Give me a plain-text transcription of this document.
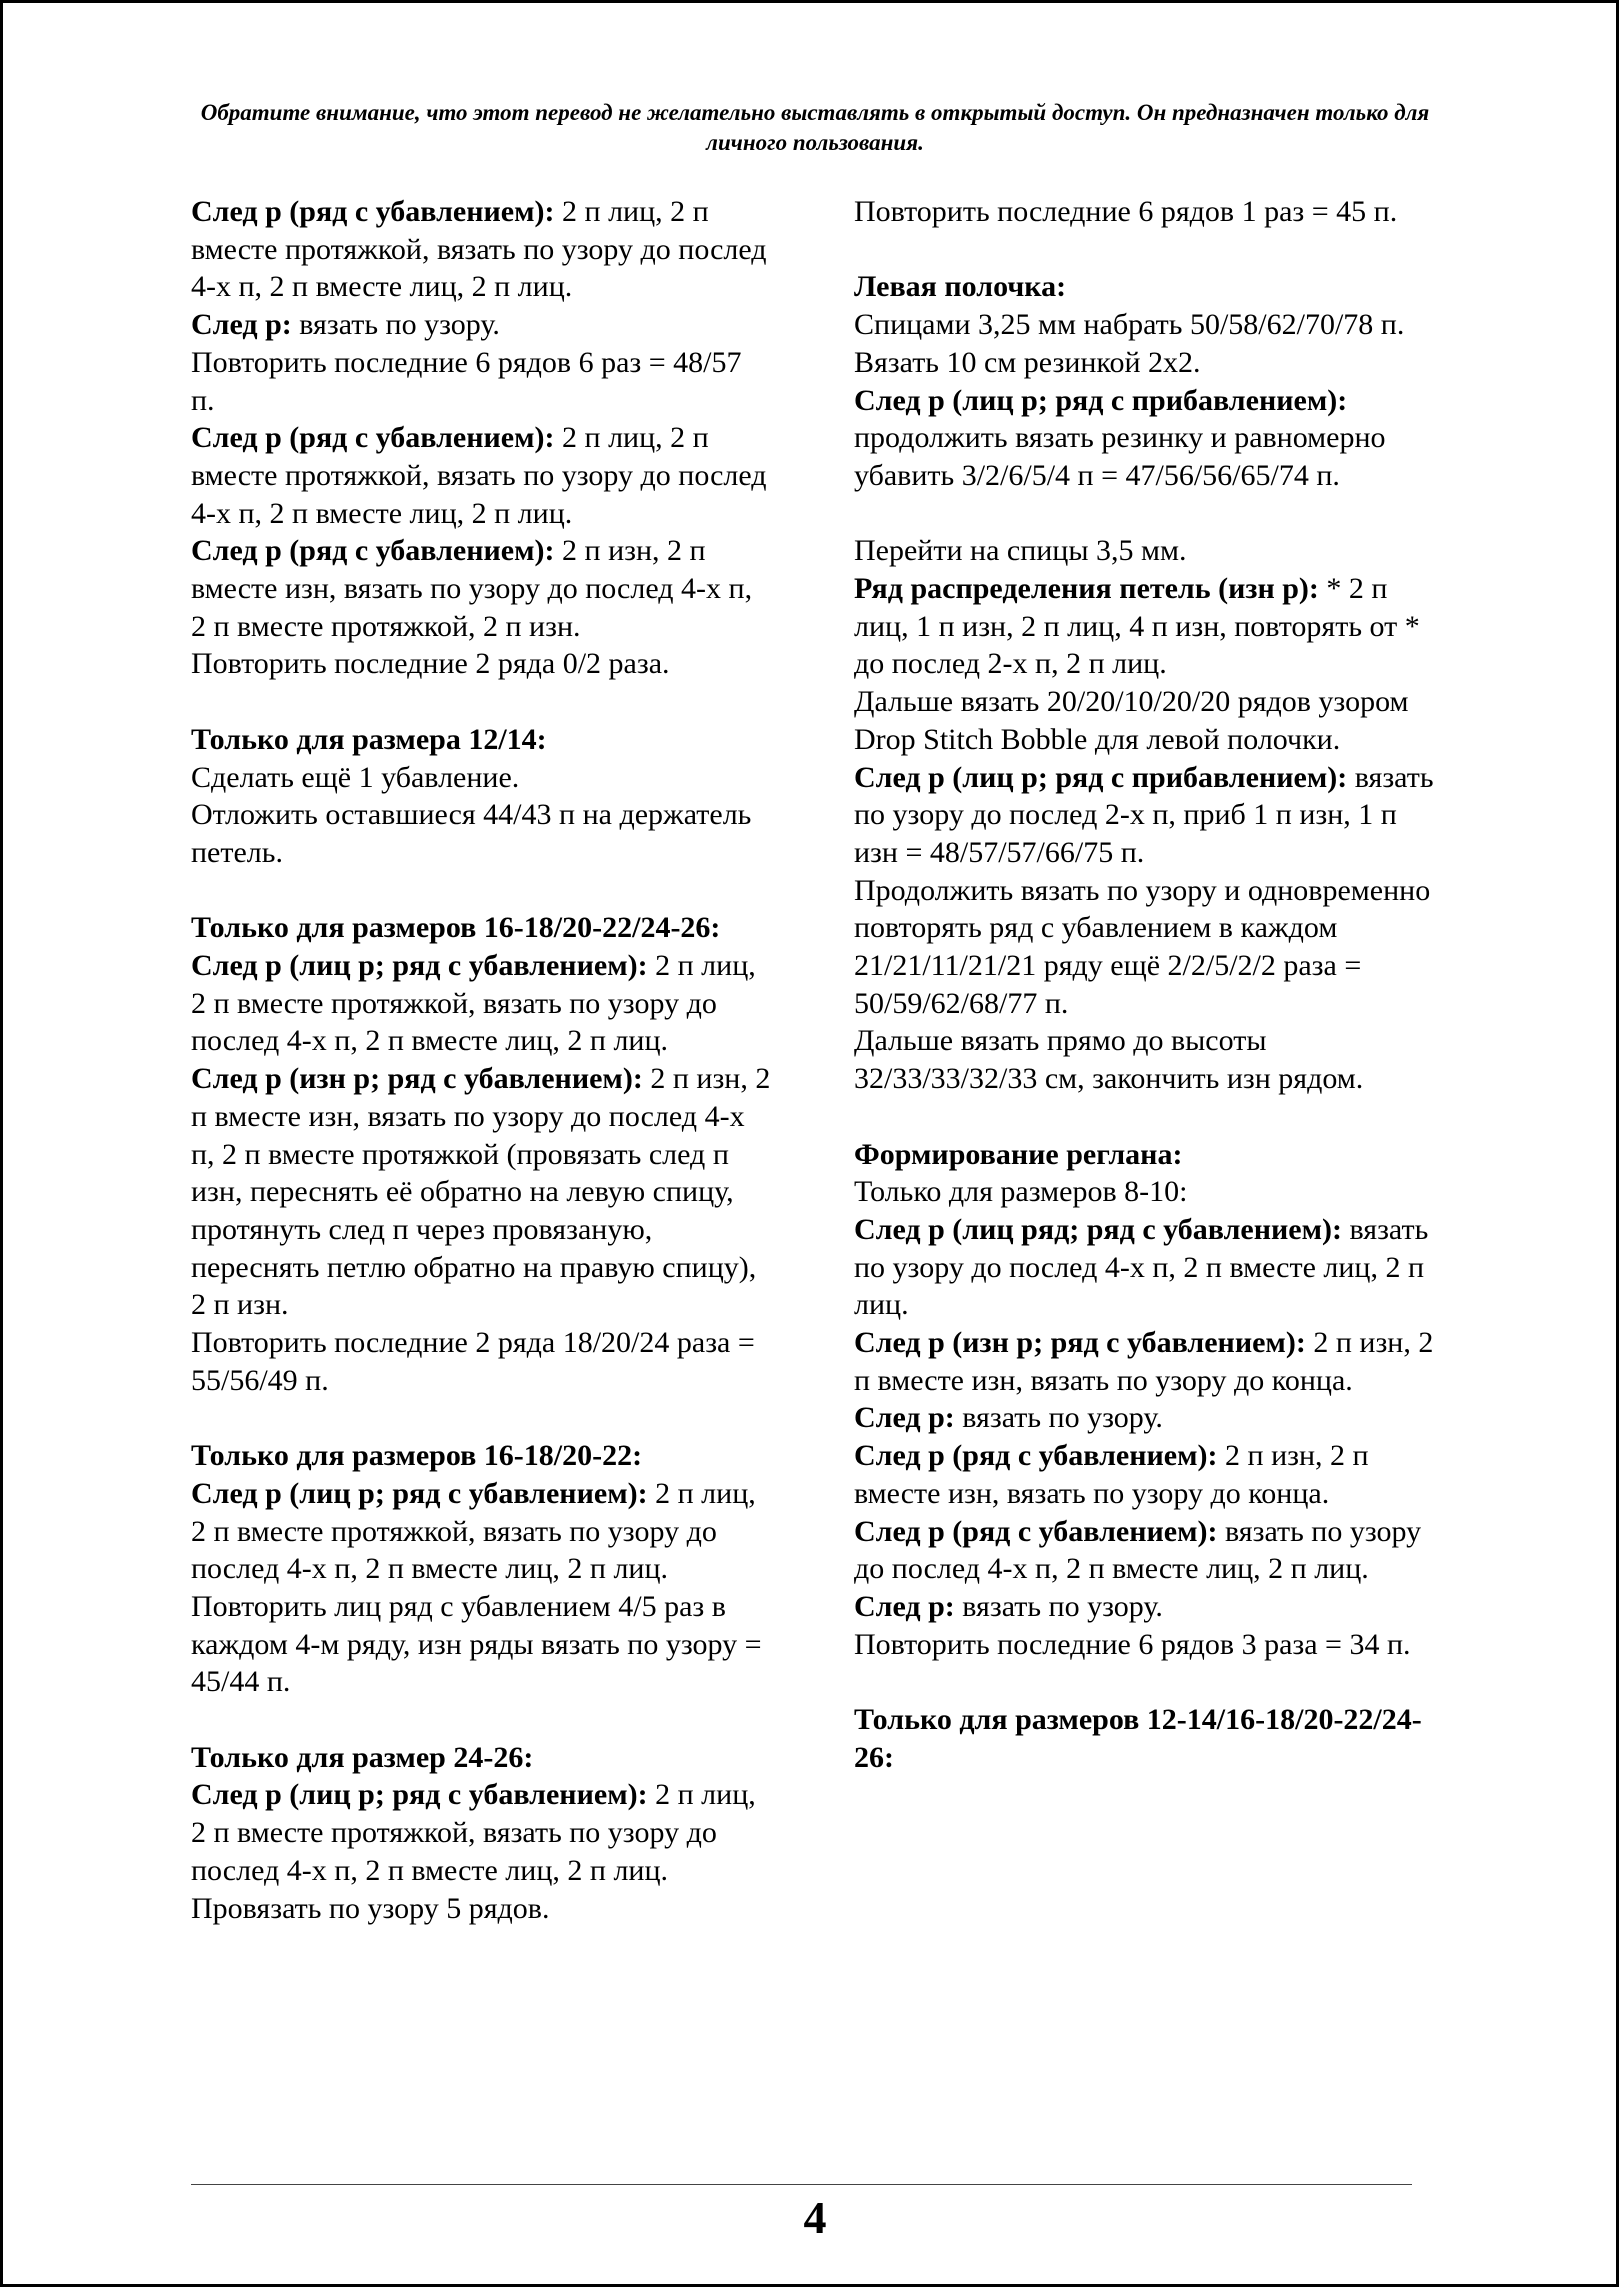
Обратите внимание, что этот перевод не желательно выставлять в открытый доступ. Он предназначен только для личного пользования.
След р (ряд с убавлением): 2 п лиц, 2 п вместе протяжкой, вязать по узору до послед 4-х п, 2 п вместе лиц, 2 п лиц.
След р: вязать по узору.
Повторить последние 6 рядов 6 раз = 48/57 п.
След р (ряд с убавлением): 2 п лиц, 2 п вместе протяжкой, вязать по узору до послед 4-х п, 2 п вместе лиц, 2 п лиц.
След р (ряд с убавлением): 2 п изн, 2 п вместе изн, вязать по узору до послед 4-х п, 2 п вместе протяжкой, 2 п изн.
Повторить последние 2 ряда 0/2 раза.
Только для размера 12/14:
Сделать ещё 1 убавление.
Отложить оставшиеся 44/43 п на держатель петель.
Только для размеров 16-18/20-22/24-26:
След р (лиц р; ряд с убавлением): 2 п лиц, 2 п вместе протяжкой, вязать по узору до послед 4-х п, 2 п вместе лиц, 2 п лиц.
След р (изн р; ряд с убавлением): 2 п изн, 2 п вместе изн, вязать по узору до послед 4-х п, 2 п вместе протяжкой (провязать след п изн, переснять её обратно на левую спицу, протянуть след п через провязаную, переснять петлю обратно на правую спицу), 2 п изн.
Повторить последние 2 ряда 18/20/24 раза = 55/56/49 п.
Только для размеров 16-18/20-22:
След р (лиц р; ряд с убавлением): 2 п лиц, 2 п вместе протяжкой, вязать по узору до послед 4-х п, 2 п вместе лиц, 2 п лиц.
Повторить лиц ряд с убавлением 4/5 раз в каждом 4-м ряду, изн ряды вязать по узору = 45/44 п.
Только для размер 24-26:
След р (лиц р; ряд с убавлением): 2 п лиц, 2 п вместе протяжкой, вязать по узору до послед 4-х п, 2 п вместе лиц, 2 п лиц.
Провязать по узору 5 рядов.
Повторить последние 6 рядов 1 раз = 45 п.
Левая полочка:
Спицами 3,25 мм набрать 50/58/62/70/78 п.
Вязать 10 см резинкой 2х2.
След р (лиц р; ряд с прибавлением): продолжить вязать резинку и равномерно убавить 3/2/6/5/4 п = 47/56/56/65/74 п.
Перейти на спицы 3,5 мм.
Ряд распределения петель (изн р): * 2 п лиц, 1 п изн, 2 п лиц, 4 п изн, повторять от * до послед 2-х п, 2 п лиц.
Дальше вязать 20/20/10/20/20 рядов узором Drop Stitch Bobble для левой полочки.
След р (лиц р; ряд с прибавлением): вязать по узору до послед 2-х п, приб 1 п изн, 1 п изн = 48/57/57/66/75 п.
Продолжить вязать по узору и одновременно повторять ряд с убавлением в каждом 21/21/11/21/21 ряду ещё 2/2/5/2/2 раза = 50/59/62/68/77 п.
Дальше вязать прямо до высоты 32/33/33/32/33 см, закончить изн рядом.
Формирование реглана:
Только для размеров 8-10:
След р (лиц ряд; ряд с убавлением): вязать по узору до послед 4-х п, 2 п вместе лиц, 2 п лиц.
След р (изн р; ряд с убавлением): 2 п изн, 2 п вместе изн, вязать по узору до конца.
След р: вязать по узору.
След р (ряд с убавлением): 2 п изн, 2 п вместе изн, вязать по узору до конца.
След р (ряд с убавлением): вязать по узору до послед 4-х п, 2 п вместе лиц, 2 п лиц.
След р: вязать по узору.
Повторить последние 6 рядов 3 раза = 34 п.
Только для размеров 12-14/16-18/20-22/24-26:
4
